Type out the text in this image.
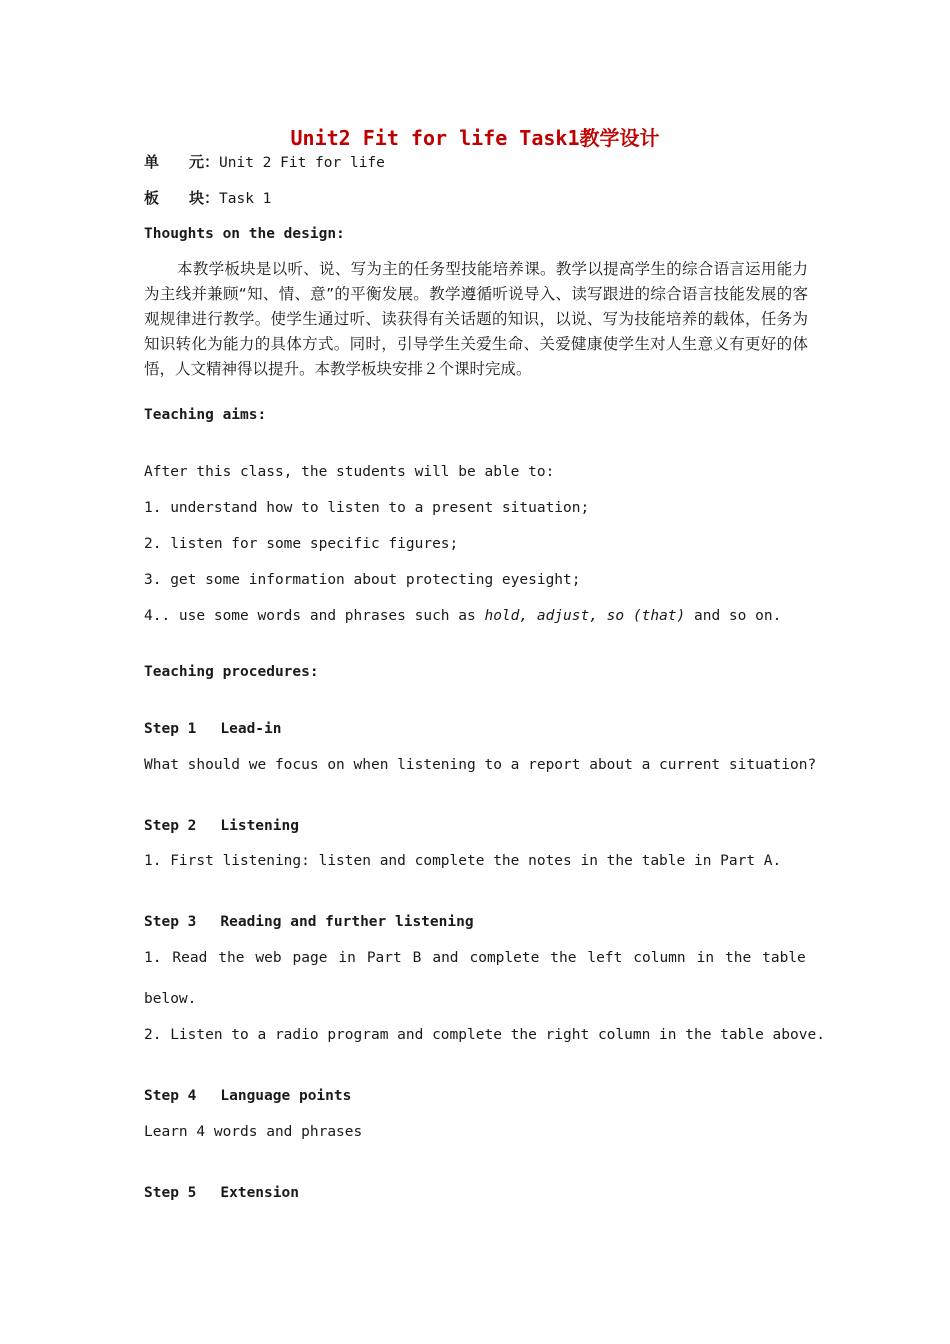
Unit2 Fit for life Task1教学设计
单　　元：Unit 2 Fit for life
板　　块：Task 1
Thoughts on the design:
本教学板块是以听、说、写为主的任务型技能培养课。教学以提高学生的综合语言运用能力为主线并兼顾“知、情、意”的平衡发展。教学遵循听说导入、读写跟进的综合语言技能发展的客观规律进行教学。使学生通过听、读获得有关话题的知识，以说、写为技能培养的载体，任务为知识转化为能力的具体方式。同时，引导学生关爱生命、关爱健康使学生对人生意义有更好的体悟，人文精神得以提升。本教学板块安排２个课时完成。
Teaching aims:
After this class, the students will be able to:
1. understand how to listen to a present situation;
2. listen for some specific figures;
3. get some information about protecting eyesight;
4.. use some words and phrases such as hold, adjust, so (that) and so on.
Teaching procedures:
Step 1 Lead-in
What should we focus on when listening to a report about a current situation?
Step 2 Listening
1. First listening: listen and complete the notes in the table in Part A.
Step 3 Reading and further listening
1. Read the web page in Part B and complete the left column in the table
below.
2. Listen to a radio program and complete the right column in the table above.
Step 4 Language points
Learn 4 words and phrases
Step 5 Extension
